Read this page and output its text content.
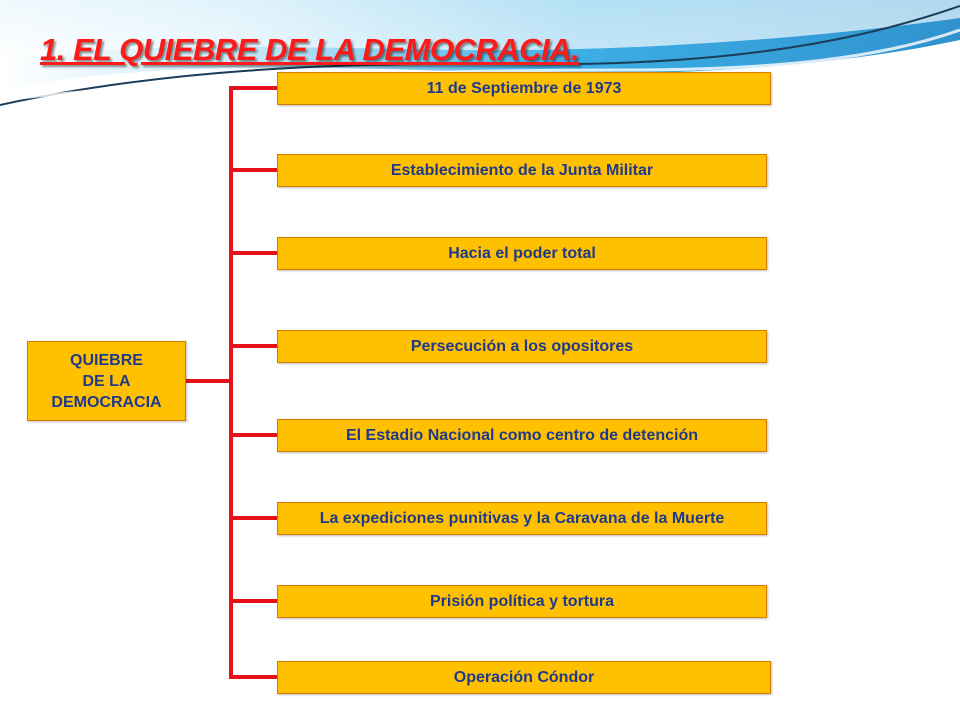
1. EL QUIEBRE DE LA DEMOCRACIA.
QUIEBRE
DE LA
DEMOCRACIA
11 de Septiembre de 1973
Establecimiento de la Junta Militar
Hacia el poder total
Persecución a los opositores
El Estadio Nacional como centro de detención
La expediciones punitivas y la Caravana de la Muerte
Prisión política y tortura
Operación Cóndor
